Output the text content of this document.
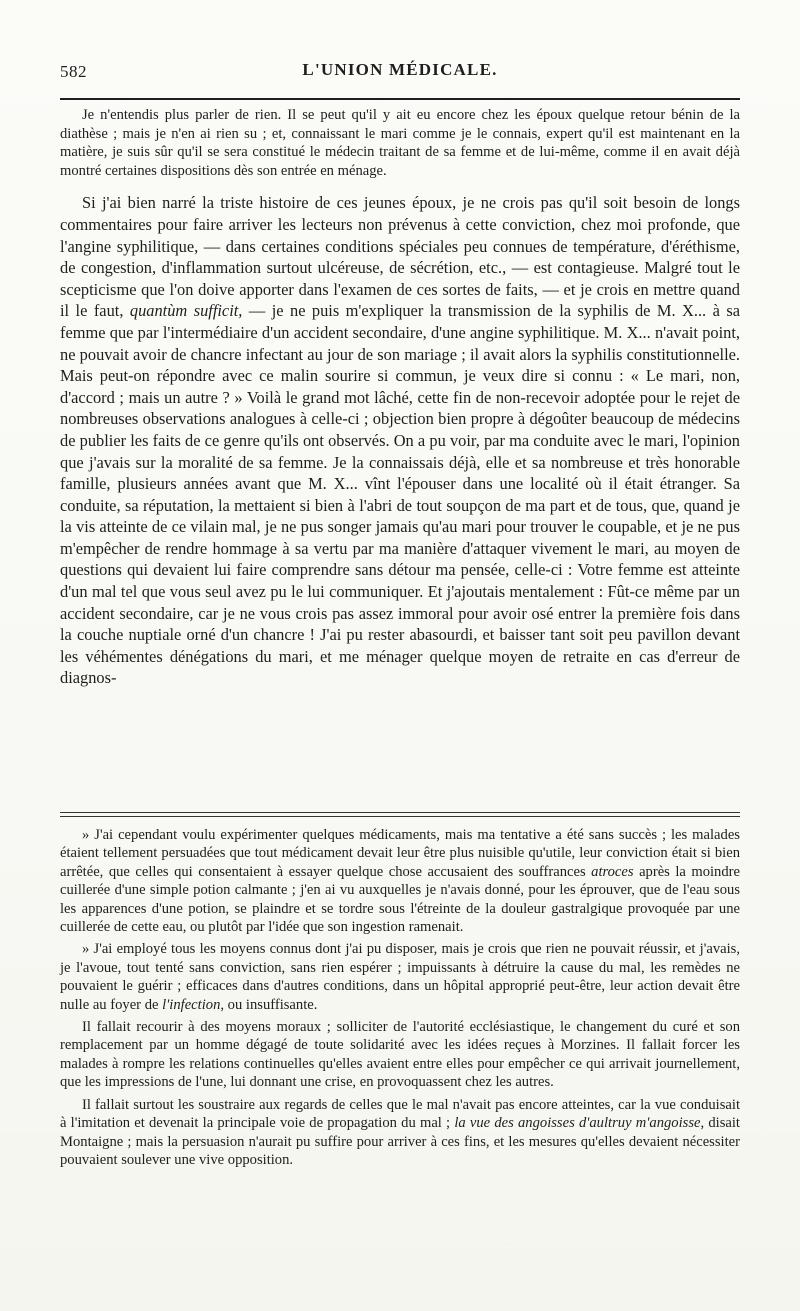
582	L'UNION MÉDICALE.

Je n'entendis plus parler de rien. Il se peut qu'il y ait eu encore chez les époux quelque retour bénin de la diathèse ; mais je n'en ai rien su ; et, connaissant le mari comme je le connais, expert qu'il est maintenant en la matière, je suis sûr qu'il se sera constitué le médecin traitant de sa femme et de lui-même, comme il en avait déjà montré certaines dispositions dès son entrée en ménage.

Si j'ai bien narré la triste histoire de ces jeunes époux, je ne crois pas qu'il soit besoin de longs commentaires pour faire arriver les lecteurs non prévenus à cette conviction, chez moi profonde, que l'angine syphilitique, — dans certaines conditions spéciales peu connues de température, d'éréthisme, de congestion, d'inflammation surtout ulcéreuse, de sécrétion, etc., — est contagieuse. Malgré tout le scepticisme que l'on doive apporter dans l'examen de ces sortes de faits, — et je crois en mettre quand il le faut, quantùm sufficit, — je ne puis m'expliquer la transmission de la syphilis de M. X... à sa femme que par l'intermédiaire d'un accident secondaire, d'une angine syphilitique. M. X... n'avait point, ne pouvait avoir de chancre infectant au jour de son mariage ; il avait alors la syphilis constitutionnelle. Mais peut-on répondre avec ce malin sourire si commun, je veux dire si connu : « Le mari, non, d'accord ; mais un autre ? » Voilà le grand mot lâché, cette fin de non-recevoir adoptée pour le rejet de nombreuses observations analogues à celle-ci ; objection bien propre à dégoûter beaucoup de médecins de publier les faits de ce genre qu'ils ont observés. On a pu voir, par ma conduite avec le mari, l'opinion que j'avais sur la moralité de sa femme. Je la connaissais déjà, elle et sa nombreuse et très honorable famille, plusieurs années avant que M. X... vînt l'épouser dans une localité où il était étranger. Sa conduite, sa réputation, la mettaient si bien à l'abri de tout soupçon de ma part et de tous, que, quand je la vis atteinte de ce vilain mal, je ne pus songer jamais qu'au mari pour trouver le coupable, et je ne pus m'empêcher de rendre hommage à sa vertu par ma manière d'attaquer vivement le mari, au moyen de questions qui devaient lui faire comprendre sans détour ma pensée, celle-ci : Votre femme est atteinte d'un mal tel que vous seul avez pu le lui communiquer. Et j'ajoutais mentalement : Fût-ce même par un accident secondaire, car je ne vous crois pas assez immoral pour avoir osé entrer la première fois dans la couche nuptiale orné d'un chancre ! J'ai pu rester abasourdi, et baisser tant soit peu pavillon devant les véhémentes dénégations du mari, et me ménager quelque moyen de retraite en cas d'erreur de diagnos-

» J'ai cependant voulu expérimenter quelques médicaments, mais ma tentative a été sans succès ; les malades étaient tellement persuadées que tout médicament devait leur être plus nuisible qu'utile, leur conviction était si bien arrêtée, que celles qui consentaient à essayer quelque chose accusaient des souffrances atroces après la moindre cuillerée d'une simple potion calmante ; j'en ai vu auxquelles je n'avais donné, pour les éprouver, que de l'eau sous les apparences d'une potion, se plaindre et se tordre sous l'étreinte de la douleur gastralgique provoquée par une cuillerée de cette eau, ou plutôt par l'idée que son ingestion ramenait.

» J'ai employé tous les moyens connus dont j'ai pu disposer, mais je crois que rien ne pouvait réussir, et j'avais, je l'avoue, tout tenté sans conviction, sans rien espérer ; impuissants à détruire la cause du mal, les remèdes ne pouvaient le guérir ; efficaces dans d'autres conditions, dans un hôpital approprié peut-être, leur action devait être nulle au foyer de l'infection, ou insuffisante.

Il fallait recourir à des moyens moraux ; solliciter de l'autorité ecclésiastique, le changement du curé et son remplacement par un homme dégagé de toute solidarité avec les idées reçues à Morzines. Il fallait forcer les malades à rompre les relations continuelles qu'elles avaient entre elles pour empêcher ce qui arrivait journellement, que les impressions de l'une, lui donnant une crise, en provoquassent chez les autres.

Il fallait surtout les soustraire aux regards de celles que le mal n'avait pas encore atteintes, car la vue conduisait à l'imitation et devenait la principale voie de propagation du mal ; la vue des angoisses d'aultruy m'angoisse, disait Montaigne ; mais la persuasion n'aurait pu suffire pour arriver à ces fins, et les mesures qu'elles devaient nécessiter pouvaient soulever une vive opposition.
